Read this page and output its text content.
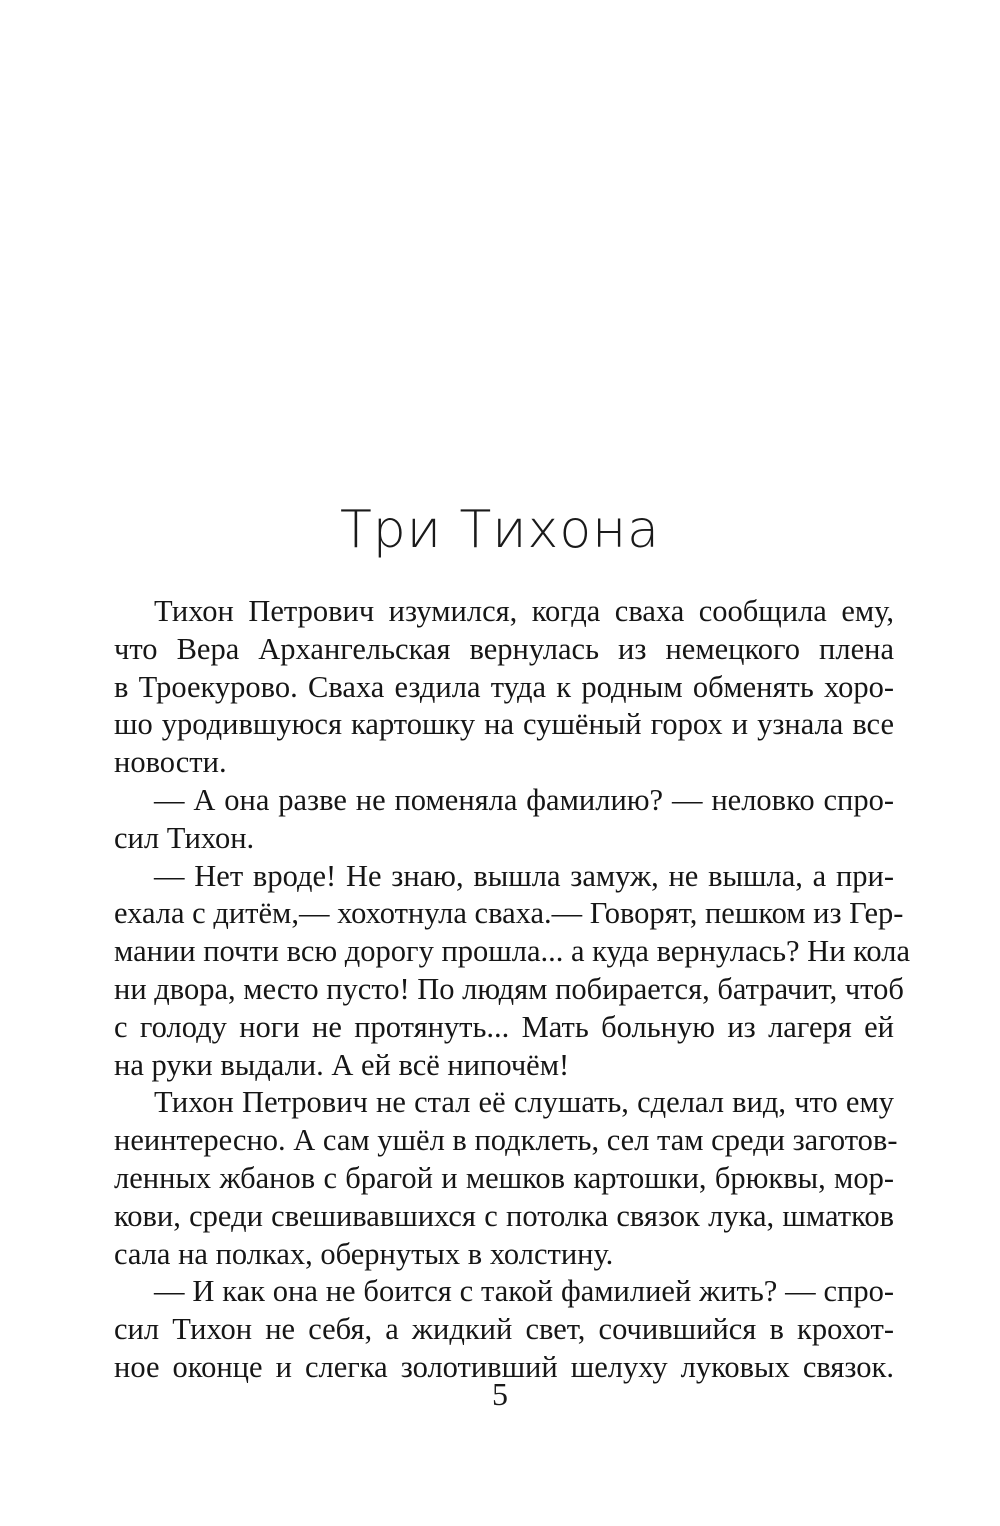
Три Тихона
Тихон Петрович изумился, когда сваха сообщила ему,
что Вера Архангельская вернулась из немецкого плена
в Троекурово. Сваха ездила туда к родным обменять хоро-
шо уродившуюся картошку на сушёный горох и узнала все
новости.
— А она разве не поменяла фамилию? — неловко спро-
сил Тихон.
— Нет вроде! Не знаю, вышла замуж, не вышла, а при-
ехала с дитём,— хохотнула сваха.— Говорят, пешком из Гер-
мании почти всю дорогу прошла... а куда вернулась? Ни кола
ни двора, место пусто! По людям побирается, батрачит, чтоб
с голоду ноги не протянуть... Мать больную из лагеря ей
на руки выдали. А ей всё нипочём!
Тихон Петрович не стал её слушать, сделал вид, что ему
неинтересно. А сам ушёл в подклеть, сел там среди заготов-
ленных жбанов с брагой и мешков картошки, брюквы, мор-
кови, среди свешивавшихся с потолка связок лука, шматков
сала на полках, обернутых в холстину.
— И как она не боится с такой фамилией жить? — спро-
сил Тихон не себя, а жидкий свет, сочившийся в крохот-
ное оконце и слегка золотивший шелуху луковых связок.
5
